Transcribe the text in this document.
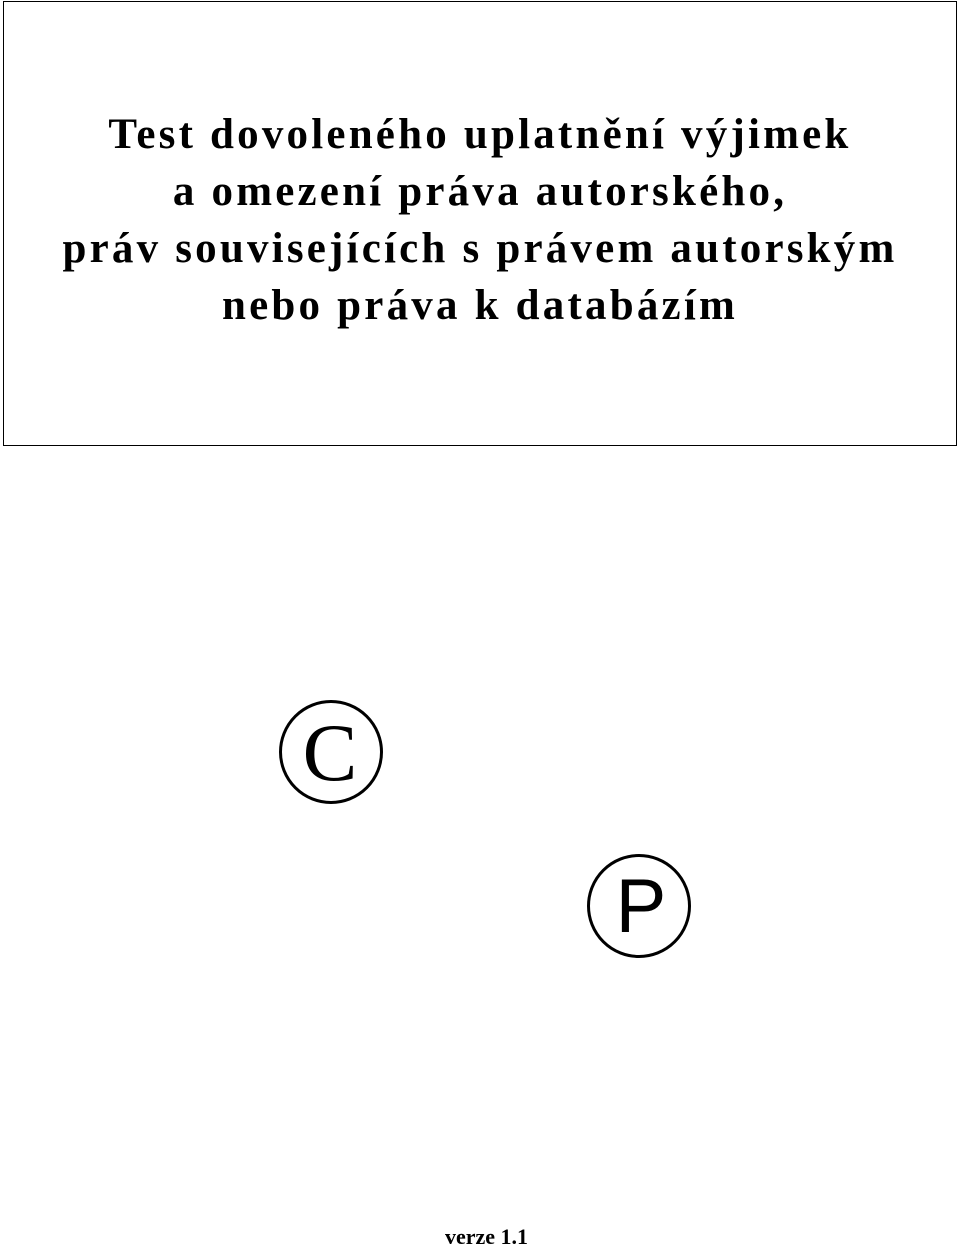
Test dovoleného uplatnění výjimek
a omezení práva autorského,
práv souvisejících s právem autorským
nebo práva k databázím
C
P
verze 1.1
